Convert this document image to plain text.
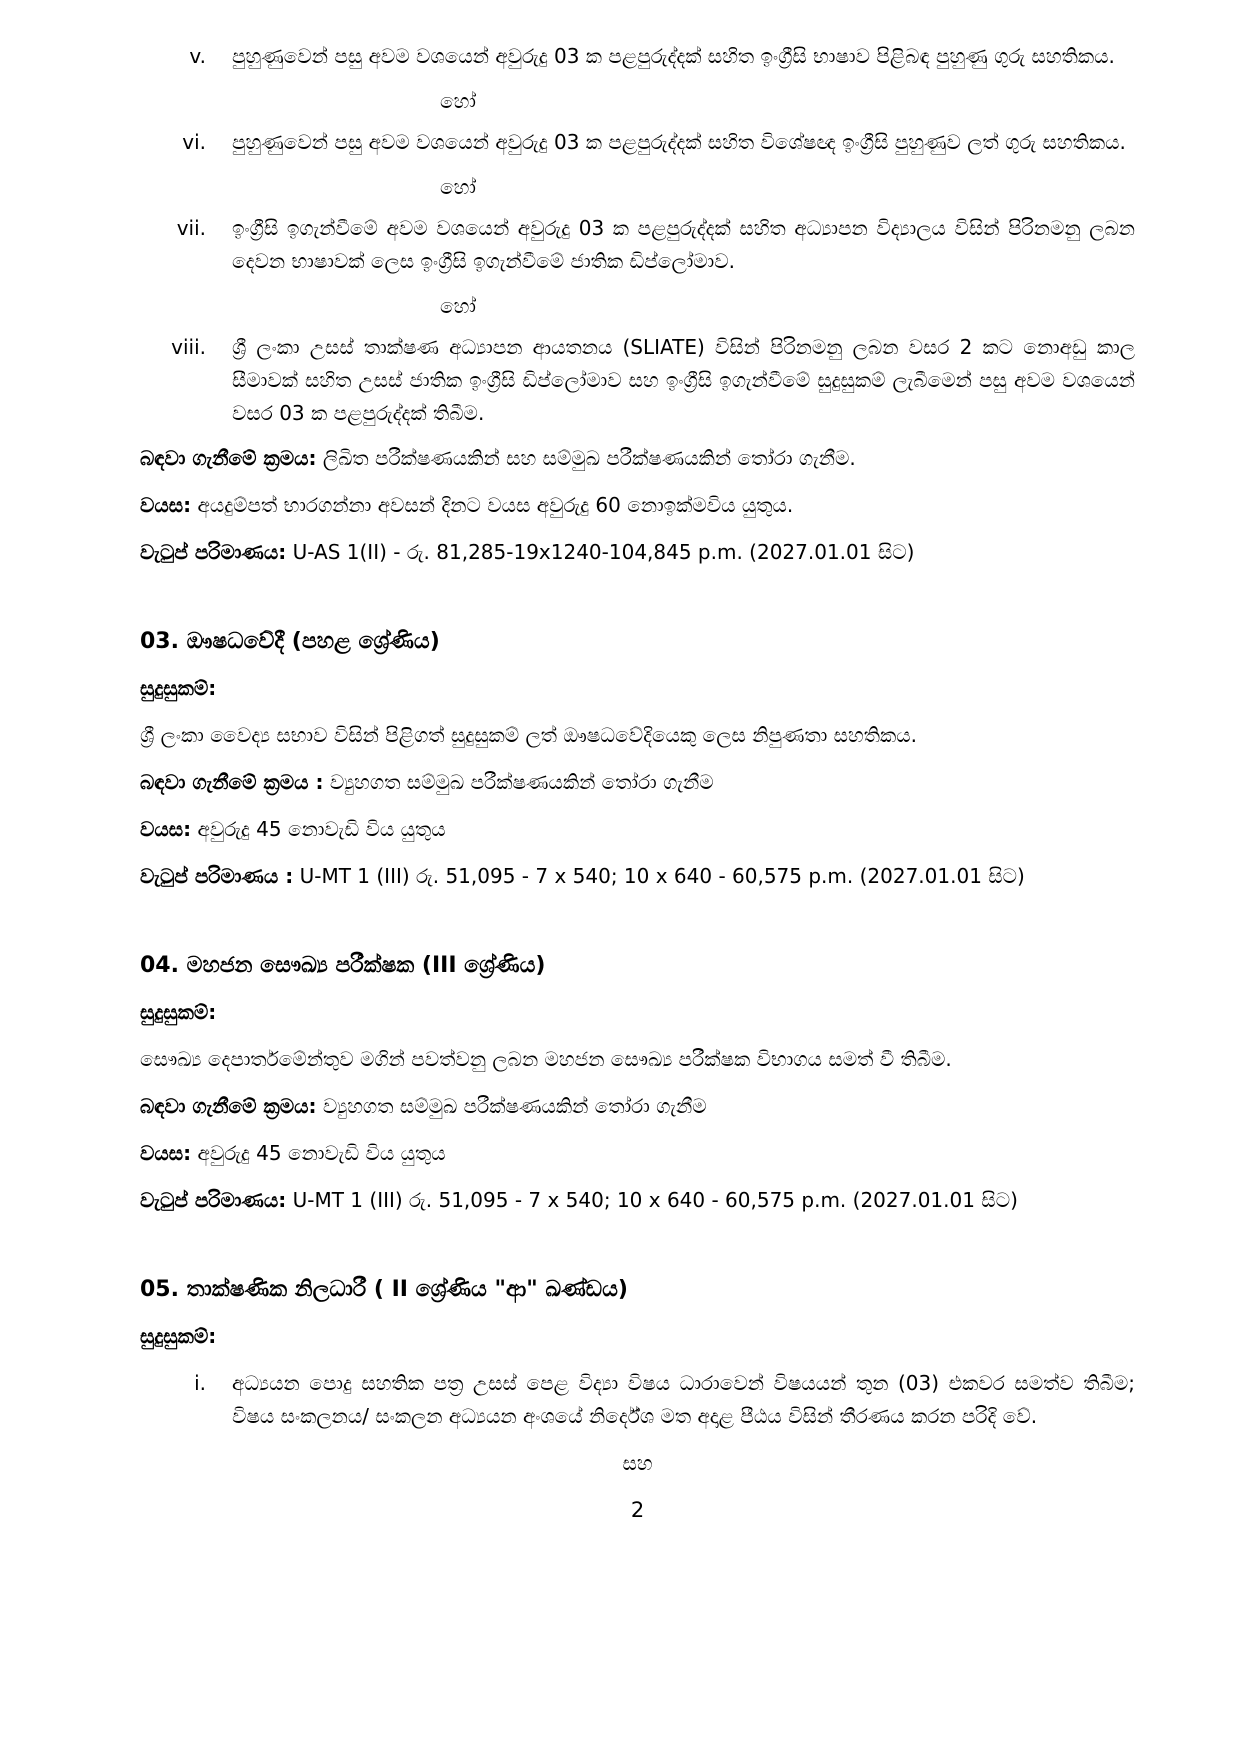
v. පුහුණුවෙන් පසු අවම වශයෙන් අවුරුදු 03 ක පළපුරුද්දක් සහිත ඉංග්‍රීසි භාෂාව පිළිබඳ පුහුණු ගුරු සහතිකය.

හෝ

vi. පුහුණුවෙන් පසු අවම වශයෙන් අවුරුදු 03 ක පළපුරුද්දක් සහිත විශේෂඥ ඉංග්‍රීසි පුහුණුව ලත් ගුරු සහතිකය.

හෝ

vii. ඉංග්‍රීසි ඉගැන්වීමේ අවම වශයෙන් අවුරුදු 03 ක පළපුරුද්දක් සහිත අධ්‍යාපන විද්‍යාලය විසින් පිරිනමනු ලබන දෙවන භාෂාවක් ලෙස ඉංග්‍රීසි ඉගැන්වීමේ ජාතික ඩිප්ලෝමාව.

හෝ

viii. ශ්‍රී ලංකා උසස් තාක්ෂණ අධ්‍යාපන ආයතනය (SLIATE) විසින් පිරිනමනු ලබන වසර 2 කට නොඅඩු කාල සීමාවක් සහිත උසස් ජාතික ඉංග්‍රීසි ඩිප්ලෝමාව සහ ඉංග්‍රීසි ඉගැන්වීමේ සුදුසුකම් ලැබීමෙන් පසු අවම වශයෙන් වසර 03 ක පළපුරුද්දක් තිබීම.

බඳවා ගැනීමේ ක්‍රමය: ලිඛිත පරීක්ෂණයකින් සහ සම්මුඛ පරීක්ෂණයකින් තෝරා ගැනීම.

වයස: අයදුම්පත් භාරගන්නා අවසන් දිනට වයස අවුරුදු 60 නොඉක්මවිය යුතුය.

වැටුප් පරිමාණය: U-AS 1(II) - රු. 81,285-19x1240-104,845 p.m. (2027.01.01 සිට)

03. ඖෂධවේදී (පහළ ශ්‍රේණිය)

සුදුසුකම්:

ශ්‍රී ලංකා වෛද්‍ය සභාව විසින් පිළිගත් සුදුසුකම් ලත් ඖෂධවේදියෙකු ලෙස නිපුණතා සහතිකය.

බඳවා ගැනීමේ ක්‍රමය : ව්‍යුහගත සම්මුඛ පරීක්ෂණයකින් තෝරා ගැනීම

වයස: අවුරුදු 45 නොවැඩි විය යුතුය

වැටුප් පරිමාණය : U-MT 1 (III) රු. 51,095 - 7 x 540; 10 x 640 - 60,575 p.m. (2027.01.01 සිට)

04. මහජන සෞඛ්‍ය පරීක්ෂක (III ශ්‍රේණිය)

සුදුසුකම්:

සෞඛ්‍ය දෙපාර්තමේන්තුව මගින් පවත්වනු ලබන මහජන සෞඛ්‍ය පරීක්ෂක විභාගය සමත් වී තිබීම.

බඳවා ගැනීමේ ක්‍රමය: ව්‍යුහගත සම්මුඛ පරීක්ෂණයකින් තෝරා ගැනීම

වයස: අවුරුදු 45 නොවැඩි විය යුතුය

වැටුප් පරිමාණය: U-MT 1 (III) රු. 51,095 - 7 x 540; 10 x 640 - 60,575 p.m. (2027.01.01 සිට)

05. තාක්ෂණික නිලධාරී ( II ශ්‍රේණිය "ආ" ඛණ්ඩය)

සුදුසුකම්:

i. අධ්‍යයන පොදු සහතික පත්‍ර උසස් පෙළ විද්‍යා විෂය ධාරාවෙන් විෂයයන් තුන (03) එකවර සමත්ව තිබීම; විෂය සංකලනය/ සංකලන අධ්‍යයන අංශයේ නිර්දේශ මත අදාළ පීඨය විසින් තීරණය කරන පරිදි වේ.

සහ

2
